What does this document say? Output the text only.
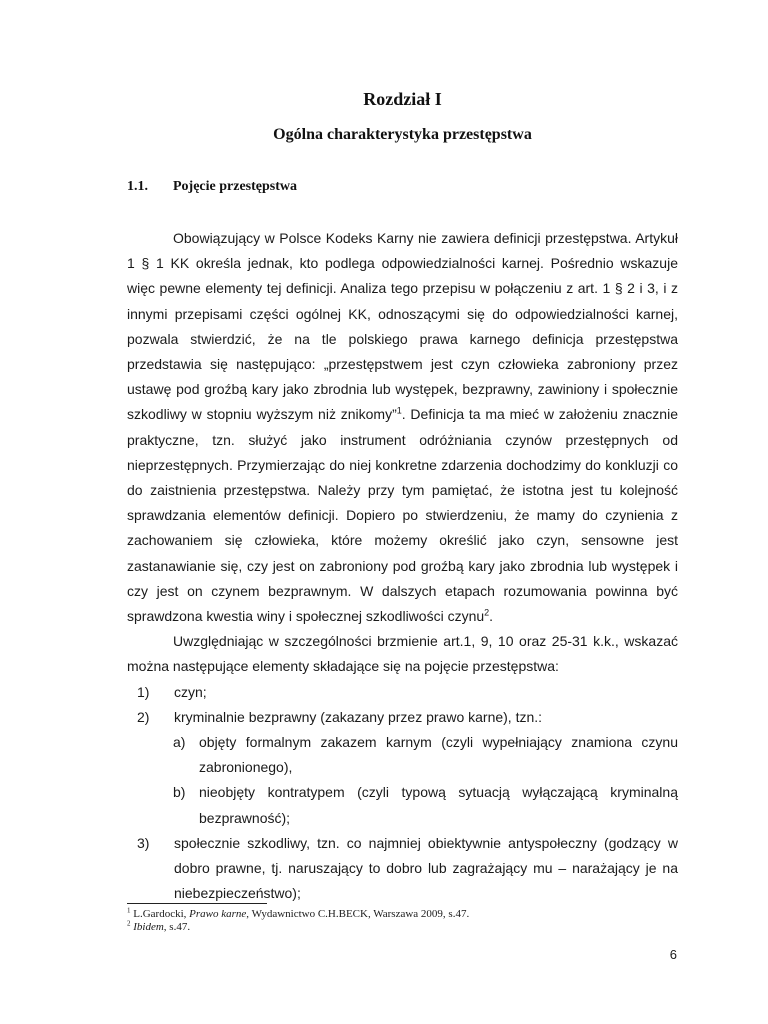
Rozdział I
Ogólna charakterystyka przestępstwa
1.1.	Pojęcie przestępstwa

Obowiązujący w Polsce Kodeks Karny nie zawiera definicji przestępstwa. Artykuł 1 § 1 KK określa jednak, kto podlega odpowiedzialności karnej. Pośrednio wskazuje więc pewne elementy tej definicji. Analiza tego przepisu w połączeniu z art. 1 § 2 i 3, i z innymi przepisami części ogólnej KK, odnoszącymi się do odpowiedzialności karnej, pozwala stwierdzić, że na tle polskiego prawa karnego definicja przestępstwa przedstawia się następująco: „przestępstwem jest czyn człowieka zabroniony przez ustawę pod groźbą kary jako zbrodnia lub występek, bezprawny, zawiniony i społecznie szkodliwy w stopniu wyższym niż znikomy”$^1$. Definicja ta ma mieć w założeniu znacznie praktyczne, tzn. służyć jako instrument odróżniania czynów przestępnych od nieprzestępnych. Przymierzając do niej konkretne zdarzenia dochodzimy do konkluzji co do zaistnienia przestępstwa. Należy przy tym pamiętać, że istotna jest tu kolejność sprawdzania elementów definicji. Dopiero po stwierdzeniu, że mamy do czynienia z zachowaniem się człowieka, które możemy określić jako czyn, sensowne jest zastanawianie się, czy jest on zabroniony pod groźbą kary jako zbrodnia lub występek i czy jest on czynem bezprawnym. W dalszych etapach rozumowania powinna być sprawdzona kwestia winy i społecznej szkodliwości czynu$^2$.

Uwzględniając w szczególności brzmienie art.1, 9, 10 oraz 25-31 k.k., wskazać można następujące elementy składające się na pojęcie przestępstwa:

1)	czyn;
2)	kryminalnie bezprawny (zakazany przez prawo karne), tzn.:
a) objęty formalnym zakazem karnym (czyli wypełniający znamiona czynu zabronionego),
b) nieobjęty kontratypem (czyli typową sytuacją wyłączającą kryminalną bezprawność);
3)	społecznie szkodliwy, tzn. co najmniej obiektywnie antyspołeczny (godzący w dobro prawne, tj. naruszający to dobro lub zagrażający mu – narażający je na niebezpieczeństwo);
$^1$ L.Gardocki, Prawo karne, Wydawnictwo C.H.BECK, Warszawa 2009, s.47.
$^2$ Ibidem, s.47.
6
